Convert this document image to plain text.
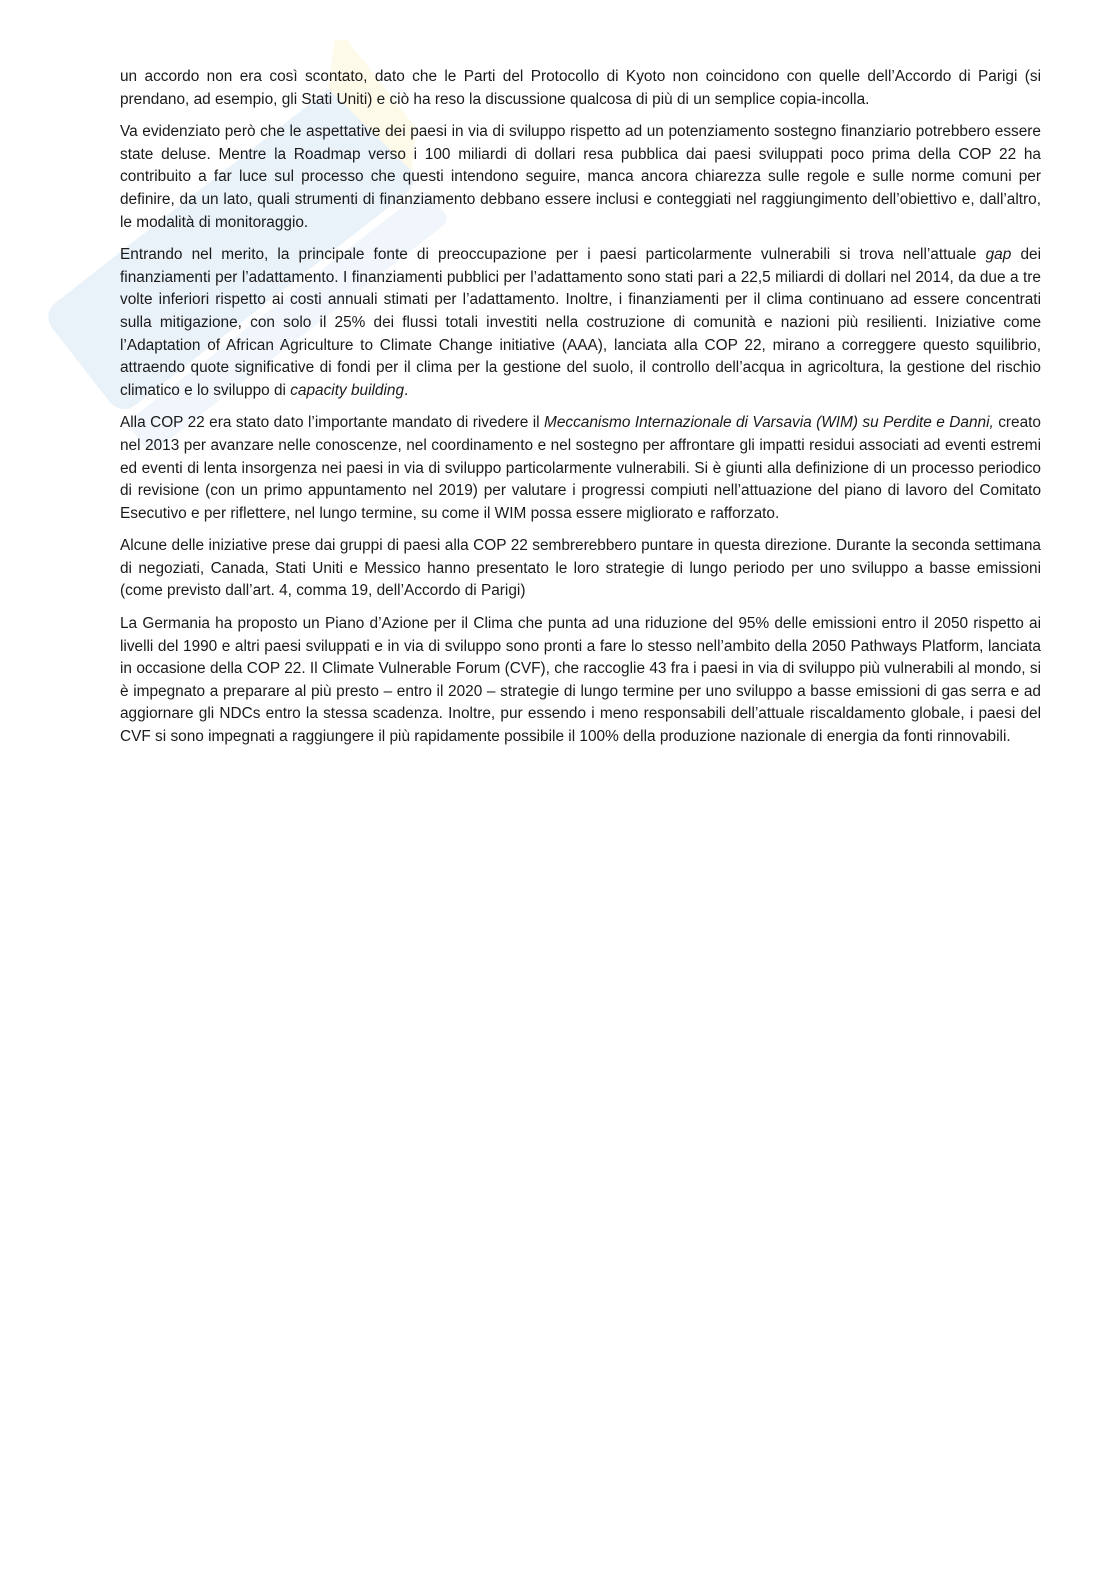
un accordo non era così scontato, dato che le Parti del Protocollo di Kyoto non coincidono con quelle dell’Accordo di Parigi (si prendano, ad esempio, gli Stati Uniti) e ciò ha reso la discussione qualcosa di più di un semplice copia-incolla.

Va evidenziato però che le aspettative dei paesi in via di sviluppo rispetto ad un potenziamento sostegno finanziario potrebbero essere state deluse. Mentre la Roadmap verso i 100 miliardi di dollari resa pubblica dai paesi sviluppati poco prima della COP 22 ha contribuito a far luce sul processo che questi intendono seguire, manca ancora chiarezza sulle regole e sulle norme comuni per definire, da un lato, quali strumenti di finanziamento debbano essere inclusi e conteggiati nel raggiungimento dell’obiettivo e, dall’altro, le modalità di monitoraggio.

Entrando nel merito, la principale fonte di preoccupazione per i paesi particolarmente vulnerabili si trova nell’attuale gap dei finanziamenti per l’adattamento. I finanziamenti pubblici per l’adattamento sono stati pari a 22,5 miliardi di dollari nel 2014, da due a tre volte inferiori rispetto ai costi annuali stimati per l’adattamento. Inoltre, i finanziamenti per il clima continuano ad essere concentrati sulla mitigazione, con solo il 25% dei flussi totali investiti nella costruzione di comunità e nazioni più resilienti. Iniziative come l’Adaptation of African Agriculture to Climate Change initiative (AAA), lanciata alla COP 22, mirano a correggere questo squilibrio, attraendo quote significative di fondi per il clima per la gestione del suolo, il controllo dell’acqua in agricoltura, la gestione del rischio climatico e lo sviluppo di capacity building.

Alla COP 22 era stato dato l’importante mandato di rivedere il Meccanismo Internazionale di Varsavia (WIM) su Perdite e Danni, creato nel 2013 per avanzare nelle conoscenze, nel coordinamento e nel sostegno per affrontare gli impatti residui associati ad eventi estremi ed eventi di lenta insorgenza nei paesi in via di sviluppo particolarmente vulnerabili. Si è giunti alla definizione di un processo periodico di revisione (con un primo appuntamento nel 2019) per valutare i progressi compiuti nell’attuazione del piano di lavoro del Comitato Esecutivo e per riflettere, nel lungo termine, su come il WIM possa essere migliorato e rafforzato.

Alcune delle iniziative prese dai gruppi di paesi alla COP 22 sembrerebbero puntare in questa direzione. Durante la seconda settimana di negoziati, Canada, Stati Uniti e Messico hanno presentato le loro strategie di lungo periodo per uno sviluppo a basse emissioni (come previsto dall’art. 4, comma 19, dell’Accordo di Parigi)

La Germania ha proposto un Piano d’Azione per il Clima che punta ad una riduzione del 95% delle emissioni entro il 2050 rispetto ai livelli del 1990 e altri paesi sviluppati e in via di sviluppo sono pronti a fare lo stesso nell’ambito della 2050 Pathways Platform, lanciata in occasione della COP 22. Il Climate Vulnerable Forum (CVF), che raccoglie 43 fra i paesi in via di sviluppo più vulnerabili al mondo, si è impegnato a preparare al più presto – entro il 2020 – strategie di lungo termine per uno sviluppo a basse emissioni di gas serra e ad aggiornare gli NDCs entro la stessa scadenza. Inoltre, pur essendo i meno responsabili dell’attuale riscaldamento globale, i paesi del CVF si sono impegnati a raggiungere il più rapidamente possibile il 100% della produzione nazionale di energia da fonti rinnovabili.
